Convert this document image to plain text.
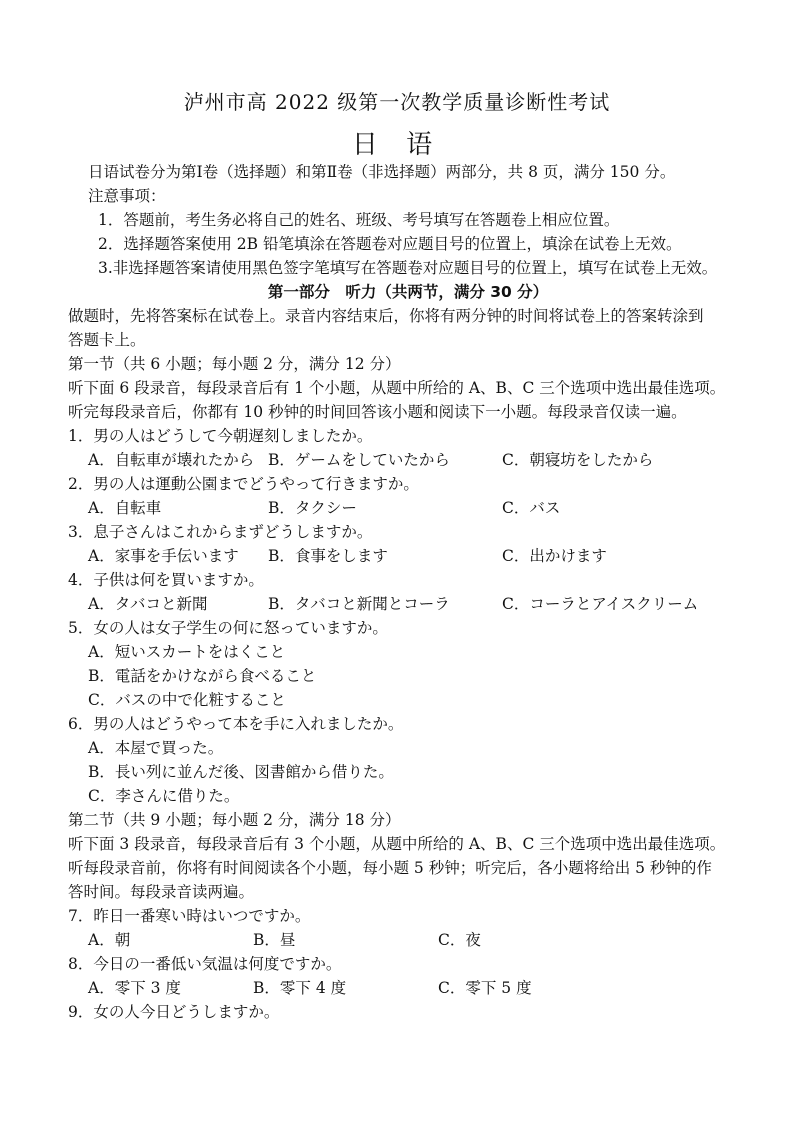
泸州市高 2022 级第一次教学质量诊断性考试
日 语
日语试卷分为第Ⅰ卷（选择题）和第Ⅱ卷（非选择题）两部分，共 8 页，满分 150 分。
注意事项：
1．答题前，考生务必将自己的姓名、班级、考号填写在答题卷上相应位置。
2．选择题答案使用 2B 铅笔填涂在答题卷对应题目号的位置上，填涂在试卷上无效。
3.非选择题答案请使用黑色签字笔填写在答题卷对应题目号的位置上，填写在试卷上无效。
第一部分　听力（共两节，满分 30 分）
做题时，先将答案标在试卷上。录音内容结束后，你将有两分钟的时间将试卷上的答案转涂到
答题卡上。
第一节（共 6 小题；每小题 2 分，满分 12 分）
听下面 6 段录音，每段录音后有 1 个小题，从题中所给的 A、B、C 三个选项中选出最佳选项。
听完每段录音后，你都有 10 秒钟的时间回答该小题和阅读下一小题。每段录音仅读一遍。
1．男の人はどうして今朝遅刻しましたか。
A．自転車が壊れたから B．ゲームをしていたから	C．朝寝坊をしたから
2．男の人は運動公園までどうやって行きますか。
A．自転車	B．タクシー	C．バス
3．息子さんはこれからまずどうしますか。
A．家事を手伝います	B．食事をします	C．出かけます
4．子供は何を買いますか。
A．タバコと新聞	B．タバコと新聞とコーラ	C．コーラとアイスクリーム
5．女の人は女子学生の何に怒っていますか。
A．短いスカートをはくこと
B．電話をかけながら食べること
C．バスの中で化粧すること
6．男の人はどうやって本を手に入れましたか。
A．本屋で買った。
B．長い列に並んだ後、図書館から借りた。
C．李さんに借りた。
第二节（共 9 小题；每小题 2 分，满分 18 分）
听下面 3 段录音，每段录音后有 3 个小题，从题中所给的 A、B、C 三个选项中选出最佳选项。
听每段录音前，你将有时间阅读各个小题，每小题 5 秒钟；听完后，各小题将给出 5 秒钟的作
答时间。每段录音读两遍。
7．昨日一番寒い時はいつですか。
A．朝	B．昼	C．夜
8．今日の一番低い気温は何度ですか。
A．零下 3 度	B．零下 4 度	C．零下 5 度
9．女の人今日どうしますか。
